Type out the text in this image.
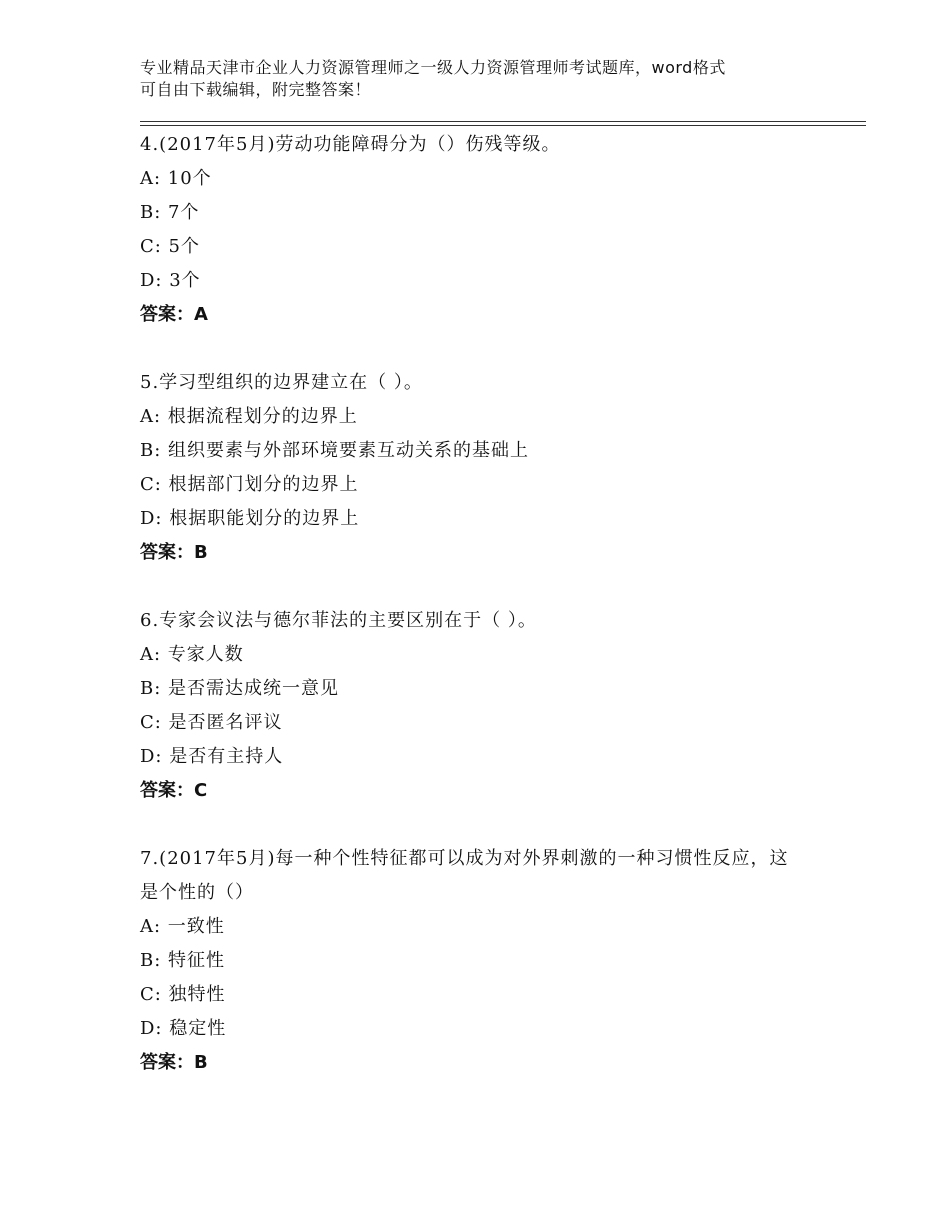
专业精品天津市企业人力资源管理师之一级人力资源管理师考试题库，word格式
可自由下载编辑，附完整答案！
4.(2017年5月)劳动功能障碍分为（）伤残等级。
A: 10个
B: 7个
C: 5个
D: 3个
答案：A
5.学习型组织的边界建立在（ ）。
A: 根据流程划分的边界上
B: 组织要素与外部环境要素互动关系的基础上
C: 根据部门划分的边界上
D: 根据职能划分的边界上
答案：B
6.专家会议法与德尔菲法的主要区别在于（ ）。
A: 专家人数
B: 是否需达成统一意见
C: 是否匿名评议
D: 是否有主持人
答案：C
7.(2017年5月)每一种个性特征都可以成为对外界刺激的一种习惯性反应，这是个性的（）
A: 一致性
B: 特征性
C: 独特性
D: 稳定性
答案：B
